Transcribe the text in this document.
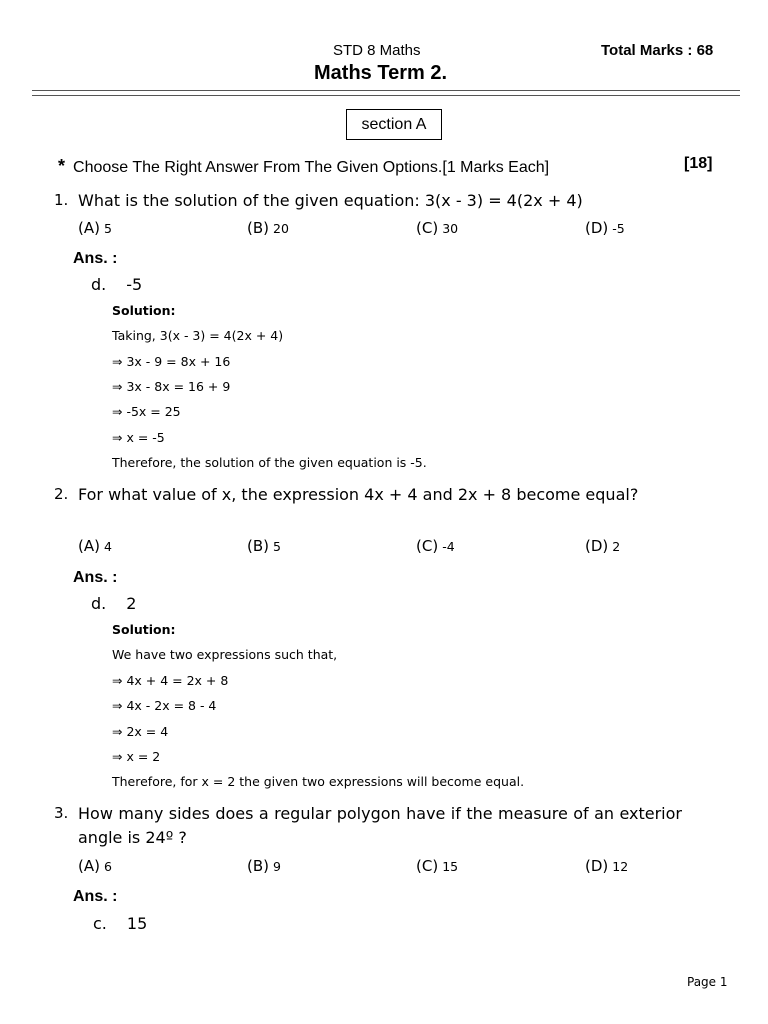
STD 8 Maths	Total Marks : 68
Maths Term 2.
section A
* Choose The Right Answer From The Given Options.[1 Marks Each]	[18]
1. What is the solution of the given equation: 3(x - 3) = 4(2x + 4)
(A) 5	(B) 20	(C) 30	(D) -5
Ans. :
d. -5
Solution:
Taking, 3(x - 3) = 4(2x + 4)
⇒ 3x - 9 = 8x + 16
⇒ 3x - 8x = 16 + 9
⇒ -5x = 25
⇒ x = -5
Therefore, the solution of the given equation is -5.
2. For what value of x, the expression 4x + 4 and 2x + 8 become equal?
(A) 4	(B) 5	(C) -4	(D) 2
Ans. :
d. 2
Solution:
We have two expressions such that,
⇒ 4x + 4 = 2x + 8
⇒ 4x - 2x = 8 - 4
⇒ 2x = 4
⇒ x = 2
Therefore, for x = 2 the given two expressions will become equal.
3. How many sides does a regular polygon have if the measure of an exterior angle is 24º ?
(A) 6	(B) 9	(C) 15	(D) 12
Ans. :
c. 15
Page 1
